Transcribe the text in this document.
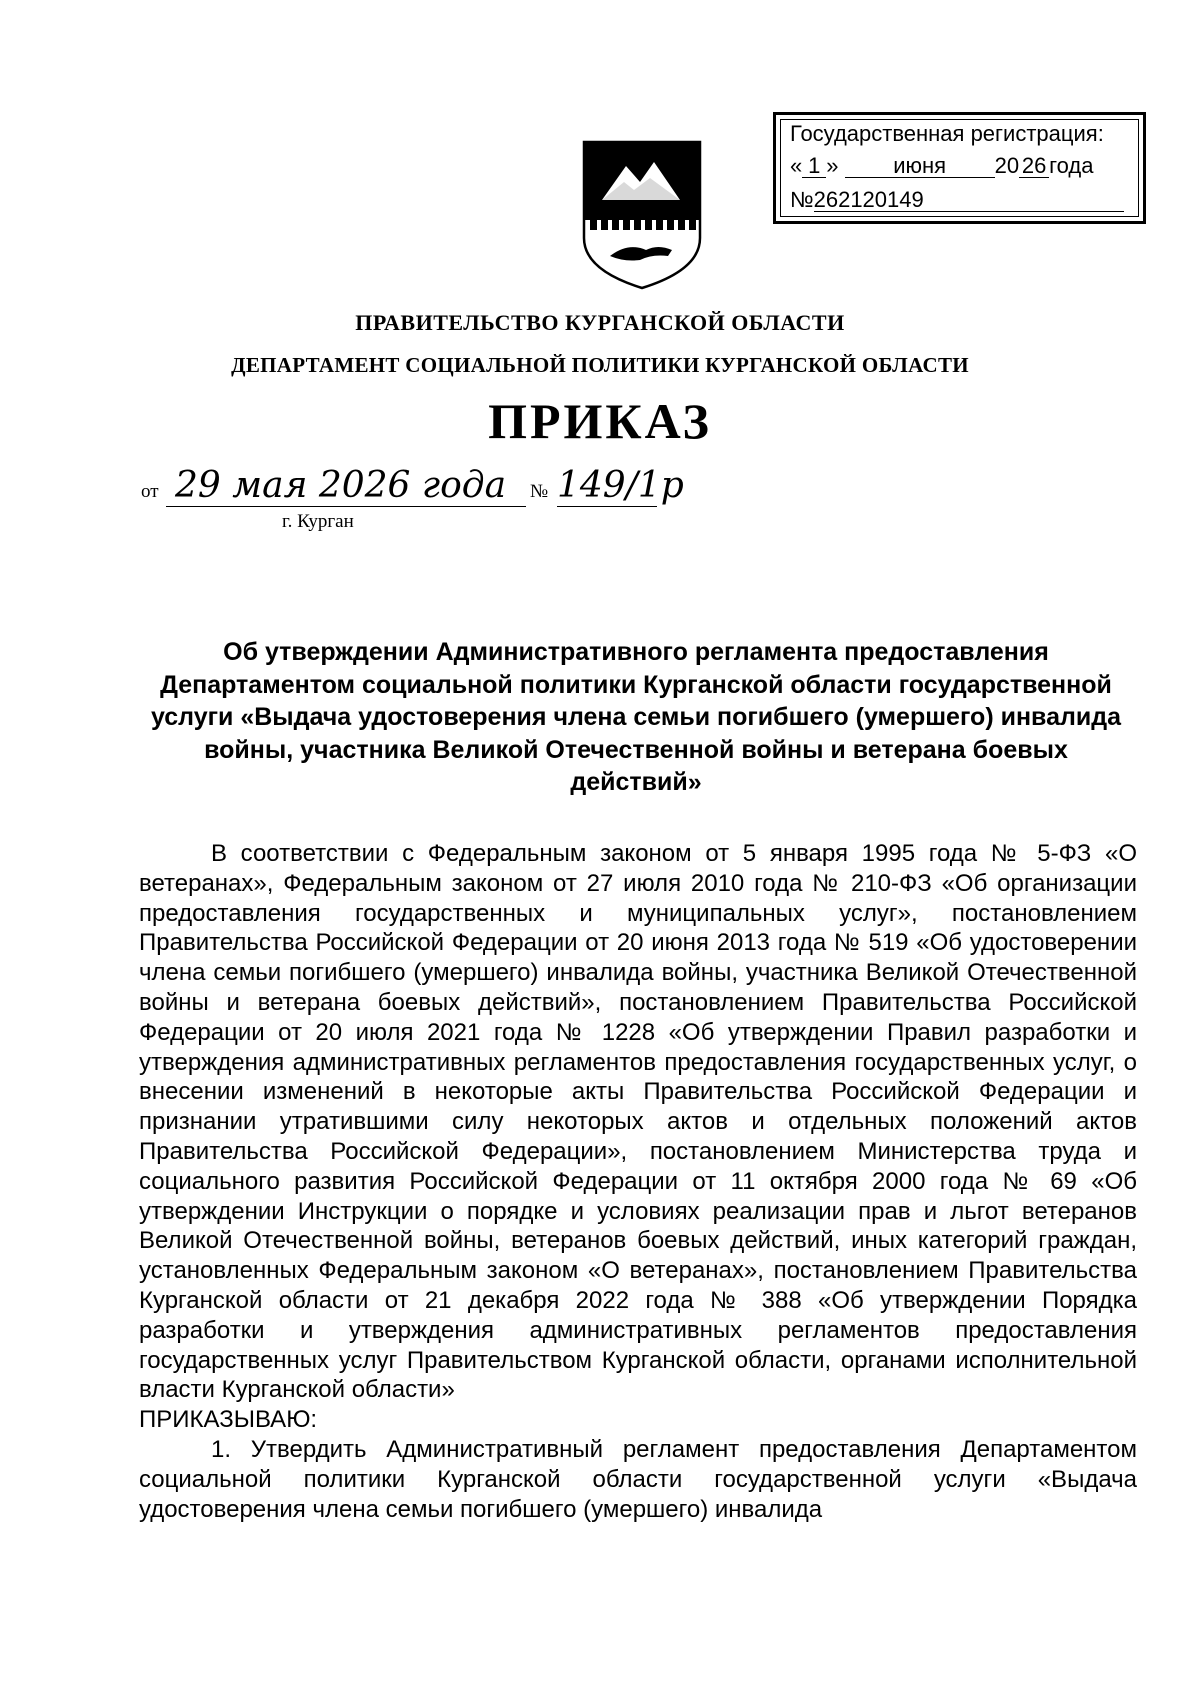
Государственная регистрация:
« 1 » июня 20 26 года
№262120149
ПРАВИТЕЛЬСТВО КУРГАНСКОЙ ОБЛАСТИ
ДЕПАРТАМЕНТ СОЦИАЛЬНОЙ ПОЛИТИКИ КУРГАНСКОЙ ОБЛАСТИ
ПРИКАЗ
от 29 мая 2026 года № 149/1р
г. Курган
Об утверждении Административного регламента предоставления Департаментом социальной политики Курганской области государственной услуги «Выдача удостоверения члена семьи погибшего (умершего) инвалида войны, участника Великой Отечественной войны и ветерана боевых действий»

В соответствии с Федеральным законом от 5 января 1995 года № 5-ФЗ «О ветеранах», Федеральным законом от 27 июля 2010 года № 210-ФЗ «Об организации предоставления государственных и муниципальных услуг», постановлением Правительства Российской Федерации от 20 июня 2013 года № 519 «Об удостоверении члена семьи погибшего (умершего) инвалида войны, участника Великой Отечественной войны и ветерана боевых действий», постановлением Правительства Российской Федерации от 20 июля 2021 года № 1228 «Об утверждении Правил разработки и утверждения административных регламентов предоставления государственных услуг, о внесении изменений в некоторые акты Правительства Российской Федерации и признании утратившими силу некоторых актов и отдельных положений актов Правительства Российской Федерации», постановлением Министерства труда и социального развития Российской Федерации от 11 октября 2000 года № 69 «Об утверждении Инструкции о порядке и условиях реализации прав и льгот ветеранов Великой Отечественной войны, ветеранов боевых действий, иных категорий граждан, установленных Федеральным законом «О ветеранах», постановлением Правительства Курганской области от 21 декабря 2022 года № 388 «Об утверждении Порядка разработки и утверждения административных регламентов предоставления государственных услуг Правительством Курганской области, органами исполнительной власти Курганской области»

ПРИКАЗЫВАЮ:

1. Утвердить Административный регламент предоставления Департаментом социальной политики Курганской области государственной услуги «Выдача удостоверения члена семьи погибшего (умершего) инвалида
